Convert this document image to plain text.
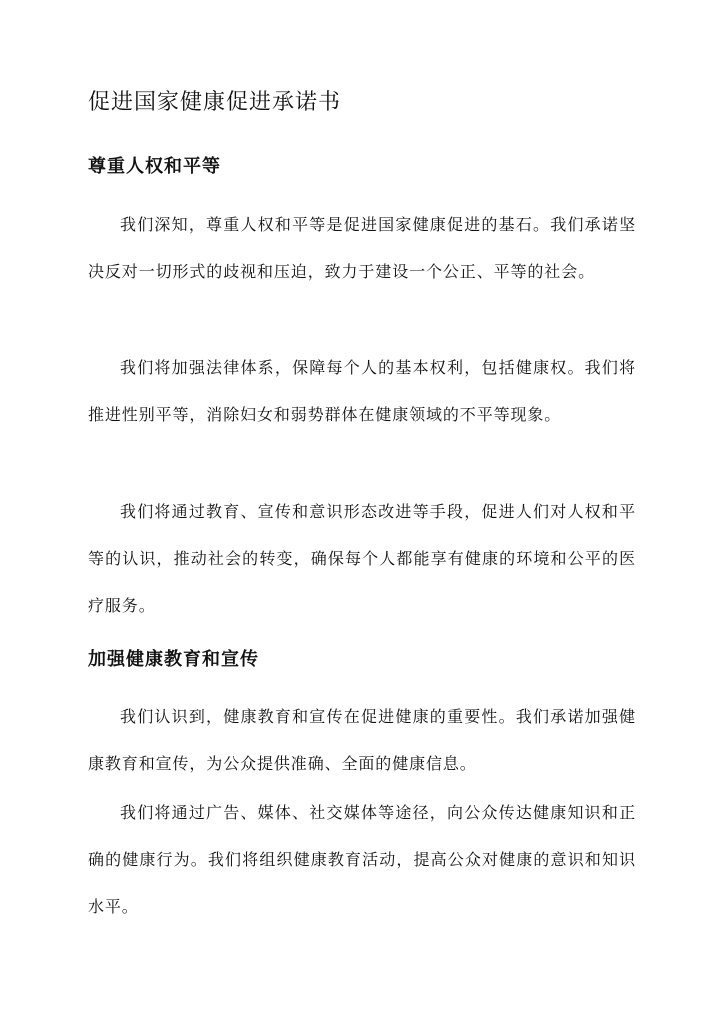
促进国家健康促进承诺书
尊重人权和平等

我们深知，尊重人权和平等是促进国家健康促进的基石。我们承诺坚决反对一切形式的歧视和压迫，致力于建设一个公正、平等的社会。

我们将加强法律体系，保障每个人的基本权利，包括健康权。我们将推进性别平等，消除妇女和弱势群体在健康领域的不平等现象。

我们将通过教育、宣传和意识形态改进等手段，促进人们对人权和平等的认识，推动社会的转变，确保每个人都能享有健康的环境和公平的医疗服务。

加强健康教育和宣传

我们认识到，健康教育和宣传在促进健康的重要性。我们承诺加强健康教育和宣传，为公众提供准确、全面的健康信息。

我们将通过广告、媒体、社交媒体等途径，向公众传达健康知识和正确的健康行为。我们将组织健康教育活动，提高公众对健康的意识和知识水平。
